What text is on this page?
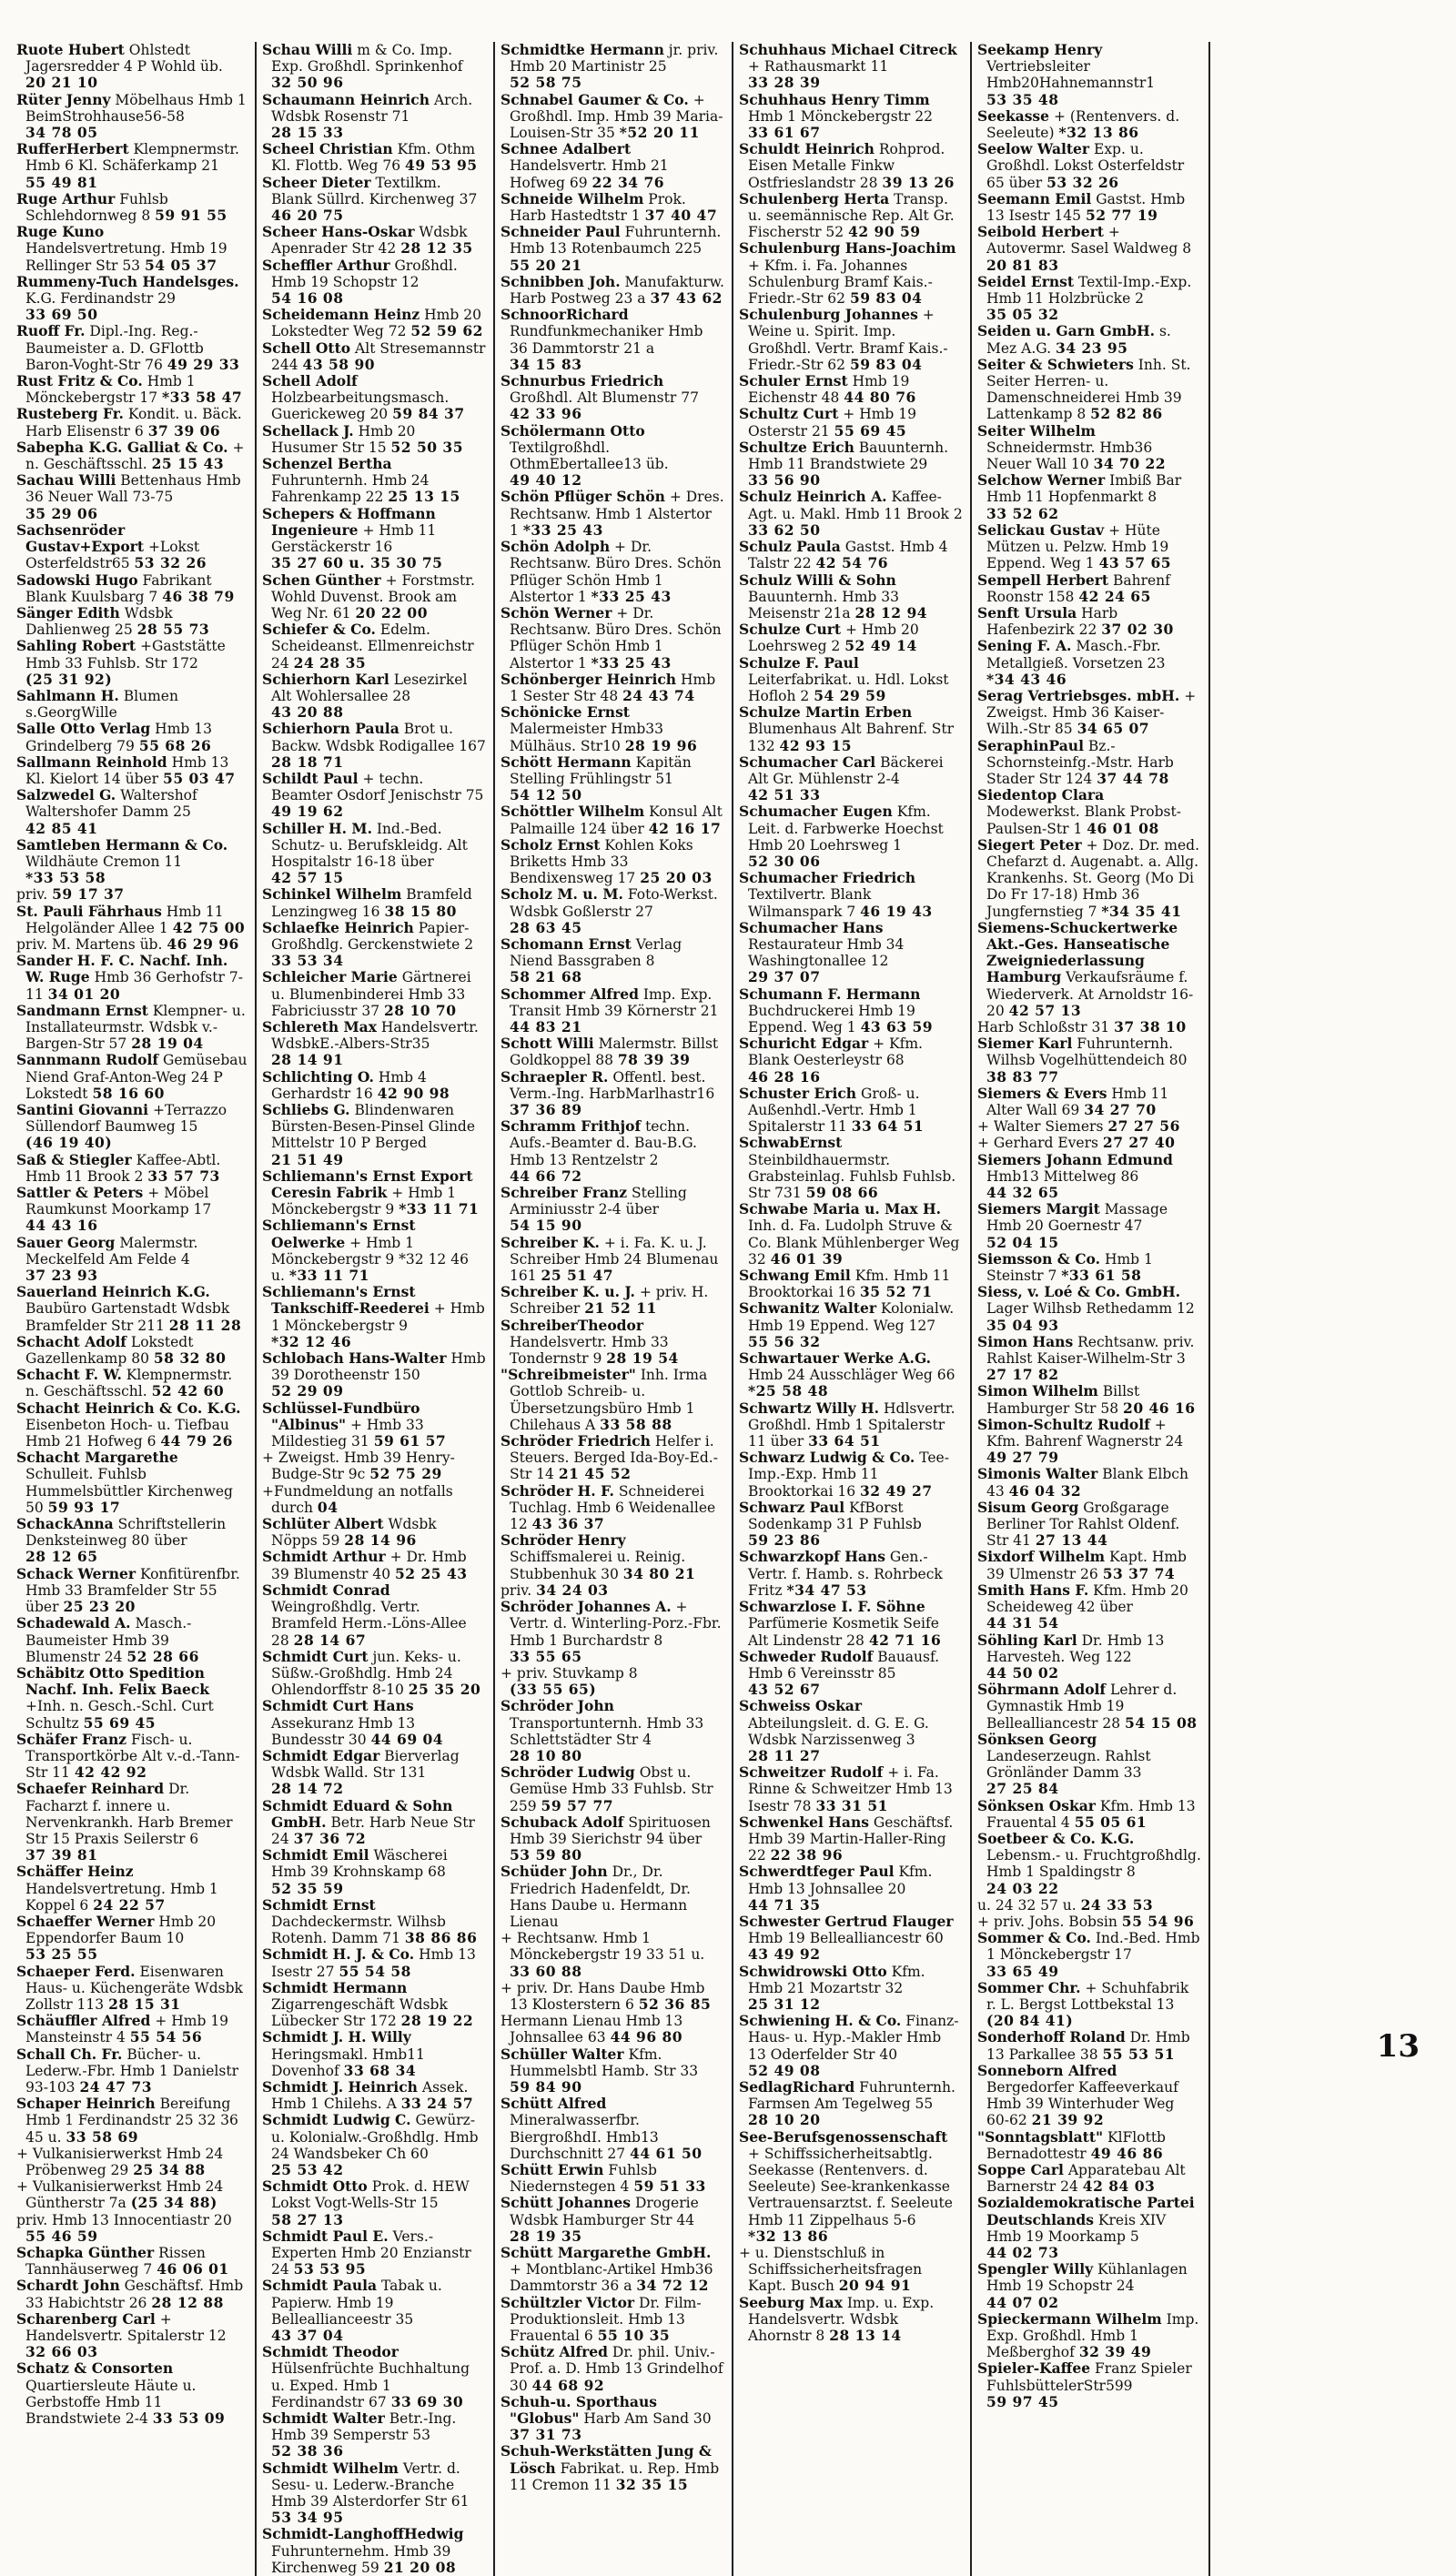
Ruote Hubert Ohlstedt Jagersredder 4 P Wohld üb. 20 21 10
Rüter Jenny Möbelhaus Hmb 1 BeimStrohhause56-58 34 78 05
RufferHerbert Klempnermstr. Hmb 6 Kl. Schäferkamp 21 55 49 81
Ruge Arthur Fuhlsb Schlehdornweg 8 59 91 55
Ruge Kuno Handelsvertretung. Hmb 19 Rellinger Str 53 54 05 37
Rummeny-Tuch Handelsges. K.G. Ferdinandstr 29 33 69 50
Ruoff Fr. Dipl.-Ing. Reg.-Baumeister a. D. GFlottb Baron-Voght-Str 76 49 29 33
Rust Fritz & Co. Hmb 1 Mönckebergstr 17 *33 58 47
Rusteberg Fr. Kondit. u. Bäck. Harb Elisenstr 6 37 39 06
Sabepha K.G. Galliat & Co. + n. Geschäftsschl. 25 15 43
Sachau Willi Bettenhaus Hmb 36 Neuer Wall 73-75 35 29 06
Sachsenröder Gustav+Export +Lokst Osterfeldstr65 53 32 26
Sadowski Hugo Fabrikant Blank Kuulsbarg 7 46 38 79
Sänger Edith Wdsbk Dahlienweg 25 28 55 73
Sahling Robert +Gaststätte Hmb 33 Fuhlsb. Str 172 (25 31 92)
Sahlmann H. Blumen s.GeorgWille
Salle Otto Verlag Hmb 13 Grindelberg 79 55 68 26
Sallmann Reinhold Hmb 13 Kl. Kielort 14 über 55 03 47
Salzwedel G. Waltershof Waltershofer Damm 25 42 85 41
Samtleben Hermann & Co. Wildhäute Cremon 11 *33 53 58
priv. 59 17 37
St. Pauli Fährhaus Hmb 11 Helgoländer Allee 1 42 75 00
priv. M. Martens üb. 46 29 96
Sander H. F. C. Nachf. Inh. W. Ruge Hmb 36 Gerhofstr 7-11 34 01 20
Sandmann Ernst Klempner- u. Installateurmstr. Wdsbk v.-Bargen-Str 57 28 19 04
Sannmann Rudolf Gemüsebau Niend Graf-Anton-Weg 24 P Lokstedt 58 16 60
Santini Giovanni +Terrazzo Süllendorf Baumweg 15 (46 19 40)
Saß & Stiegler Kaffee-Abtl. Hmb 11 Brook 2 33 57 73
Sattler & Peters + Möbel Raumkunst Moorkamp 17 44 43 16
Sauer Georg Malermstr. Meckelfeld Am Felde 4 37 23 93
Sauerland Heinrich K.G. Baubüro Gartenstadt Wdsbk Bramfelder Str 211 28 11 28
Schacht Adolf Lokstedt Gazellenkamp 80 58 32 80
Schacht F. W. Klempnermstr. n. Geschäftsschl. 52 42 60
Schacht Heinrich & Co. K.G. Eisenbeton Hoch- u. Tiefbau Hmb 21 Hofweg 6 44 79 26
Schacht Margarethe Schulleit. Fuhlsb Hummelsbüttler Kirchenweg 50 59 93 17
SchackAnna Schriftstellerin Denksteinweg 80 über 28 12 65
Schack Werner Konfitürenfbr. Hmb 33 Bramfelder Str 55 über 25 23 20
Schadewald A. Masch.-Baumeister Hmb 39 Blumenstr 24 52 28 66
Schäbitz Otto Spedition Nachf. Inh. Felix Baeck +Inh. n. Gesch.-Schl. Curt Schultz 55 69 45
Schäfer Franz Fisch- u. Transportkörbe Alt v.-d.-Tann-Str 11 42 42 92
Schaefer Reinhard Dr. Facharzt f. innere u. Nervenkrankh. Harb Bremer Str 15 Praxis Seilerstr 6 37 39 81
Schäffer Heinz Handelsvertretung. Hmb 1 Koppel 6 24 22 57
Schaeffer Werner Hmb 20 Eppendorfer Baum 10 53 25 55
Schaeper Ferd. Eisenwaren Haus- u. Küchengeräte Wdsbk Zollstr 113 28 15 31
Schäuffler Alfred + Hmb 19 Mansteinstr 4 55 54 56
Schall Ch. Fr. Bücher- u. Lederw.-Fbr. Hmb 1 Danielstr 93-103 24 47 73
Schaper Heinrich Bereifung Hmb 1 Ferdinandstr 25 32 36 45 u. 33 58 69
+ Vulkanisierwerkst Hmb 24 Pröbenweg 29 25 34 88
+ Vulkanisierwerkst Hmb 24 Güntherstr 7a (25 34 88)
priv. Hmb 13 Innocentiastr 20 55 46 59
Schapka Günther Rissen Tannhäuserweg 7 46 06 01
Schardt John Geschäftsf. Hmb 33 Habichtstr 26 28 12 88
Scharenberg Carl + Handelsvertr. Spitalerstr 12 32 66 03
Schatz & Consorten Quartiersleute Häute u. Gerbstoffe Hmb 11 Brandstwiete 2-4 33 53 09
Schau Willi m & Co. Imp. Exp. Großhdl. Sprinkenhof 32 50 96
Schaumann Heinrich Arch. Wdsbk Rosenstr 71 28 15 33
Scheel Christian Kfm. Othm Kl. Flottb. Weg 76 49 53 95
Scheer Dieter Textilkm. Blank Süllrd. Kirchenweg 37 46 20 75
Scheer Hans-Oskar Wdsbk Apenrader Str 42 28 12 35
Scheffler Arthur Großhdl. Hmb 19 Schopstr 12 54 16 08
Scheidemann Heinz Hmb 20 Lokstedter Weg 72 52 59 62
Schell Otto Alt Stresemannstr 244 43 58 90
Schell Adolf Holzbearbeitungsmasch. Guerickeweg 20 59 84 37
Schellack J. Hmb 20 Husumer Str 15 52 50 35
Schenzel Bertha Fuhrunternh. Hmb 24 Fahrenkamp 22 25 13 15
Schepers & Hoffmann Ingenieure + Hmb 11 Gerstäckerstr 16 35 27 60 u. 35 30 75
Schen Günther + Forstmstr. Wohld Duvenst. Brook am Weg Nr. 61 20 22 00
Schiefer & Co. Edelm. Scheideanst. Ellmenreichstr 24 24 28 35
Schierhorn Karl Lesezirkel Alt Wohlersallee 28 43 20 88
Schierhorn Paula Brot u. Backw. Wdsbk Rodigallee 167 28 18 71
Schildt Paul + techn. Beamter Osdorf Jenischstr 75 49 19 62
Schiller H. M. Ind.-Bed. Schutz- u. Berufskleidg. Alt Hospitalstr 16-18 über 42 57 15
Schinkel Wilhelm Bramfeld Lenzingweg 16 38 15 80
Schlaefke Heinrich Papier-Großhdlg. Gerckenstwiete 2 33 53 34
Schleicher Marie Gärtnerei u. Blumenbinderei Hmb 33 Fabriciusstr 37 28 10 70
Schlereth Max Handelsvertr. WdsbkE.-Albers-Str35 28 14 91
Schlichting O. Hmb 4 Gerhardstr 16 42 90 98
Schliebs G. Blindenwaren Bürsten-Besen-Pinsel Glinde Mittelstr 10 P Berged 21 51 49
Schliemann's Ernst Export Ceresin Fabrik + Hmb 1 Mönckebergstr 9 *33 11 71
Schliemann's Ernst Oelwerke + Hmb 1 Mönckebergstr 9 *32 12 46 u. *33 11 71
Schliemann's Ernst Tankschiff-Reederei + Hmb 1 Mönckebergstr 9 *32 12 46
Schlobach Hans-Walter Hmb 39 Dorotheenstr 150 52 29 09
Schlüssel-Fundbüro "Albinus" + Hmb 33 Mildestieg 31 59 61 57
+ Zweigst. Hmb 39 Henry-Budge-Str 9c 52 75 29
+Fundmeldung an notfalls durch 04
Schlüter Albert Wdsbk Nöpps 59 28 14 96
Schmidt Arthur + Dr. Hmb 39 Blumenstr 40 52 25 43
Schmidt Conrad Weingroßhdlg. Vertr. Bramfeld Herm.-Löns-Allee 28 28 14 67
Schmidt Curt jun. Keks- u. Süßw.-Großhdlg. Hmb 24 Ohlendorffstr 8-10 25 35 20
Schmidt Curt Hans Assekuranz Hmb 13 Bundesstr 30 44 69 04
Schmidt Edgar Bierverlag Wdsbk Walld. Str 131 28 14 72
Schmidt Eduard & Sohn GmbH. Betr. Harb Neue Str 24 37 36 72
Schmidt Emil Wäscherei Hmb 39 Krohnskamp 68 52 35 59
Schmidt Ernst Dachdeckermstr. Wilhsb Rotenh. Damm 71 38 86 86
Schmidt H. J. & Co. Hmb 13 Isestr 27 55 54 58
Schmidt Hermann Zigarrengeschäft Wdsbk Lübecker Str 172 28 19 22
Schmidt J. H. Willy Heringsmakl. Hmb11 Dovenhof 33 68 34
Schmidt J. Heinrich Assek. Hmb 1 Chilehs. A 33 24 57
Schmidt Ludwig C. Gewürz- u. Kolonialw.-Großhdlg. Hmb 24 Wandsbeker Ch 60 25 53 42
Schmidt Otto Prok. d. HEW Lokst Vogt-Wells-Str 15 58 27 13
Schmidt Paul E. Vers.-Experten Hmb 20 Enzianstr 24 53 53 95
Schmidt Paula Tabak u. Papierw. Hmb 19 Belleallianceestr 35 43 37 04
Schmidt Theodor Hülsenfrüchte Buchhaltung u. Exped. Hmb 1 Ferdinandstr 67 33 69 30
Schmidt Walter Betr.-Ing. Hmb 39 Semperstr 53 52 38 36
Schmidt Wilhelm Vertr. d. Sesu- u. Lederw.-Branche Hmb 39 Alsterdorfer Str 61 53 34 95
Schmidt-LanghoffHedwig Fuhrunternehm. Hmb 39 Kirchenweg 59 21 20 08
Schmidtke Hermann jr. priv. Hmb 20 Martinistr 25 52 58 75
Schnabel Gaumer & Co. + Großhdl. Imp. Hmb 39 Maria-Louisen-Str 35 *52 20 11
Schnee Adalbert Handelsvertr. Hmb 21 Hofweg 69 22 34 76
Schneide Wilhelm Prok. Harb Hastedtstr 1 37 40 47
Schneider Paul Fuhrunternh. Hmb 13 Rotenbaumch 225 55 20 21
Schnibben Joh. Manufakturw. Harb Postweg 23 a 37 43 62
SchnoorRichard Rundfunkmechaniker Hmb 36 Dammtorstr 21 a 34 15 83
Schnurbus Friedrich Großhdl. Alt Blumenstr 77 42 33 96
Schölermann Otto Textilgroßhdl. OthmEbertallee13 üb. 49 40 12
Schön Pflüger Schön + Dres. Rechtsanw. Hmb 1 Alstertor 1 *33 25 43
Schön Adolph + Dr. Rechtsanw. Büro Dres. Schön Pflüger Schön Hmb 1 Alstertor 1 *33 25 43
Schön Werner + Dr. Rechtsanw. Büro Dres. Schön Pflüger Schön Hmb 1 Alstertor 1 *33 25 43
Schönberger Heinrich Hmb 1 Sester Str 48 24 43 74
Schönicke Ernst Malermeister Hmb33 Mülhäus. Str10 28 19 96
Schött Hermann Kapitän Stelling Frühlingstr 51 54 12 50
Schöttler Wilhelm Konsul Alt Palmaille 124 über 42 16 17
Scholz Ernst Kohlen Koks Briketts Hmb 33 Bendixensweg 17 25 20 03
Scholz M. u. M. Foto-Werkst. Wdsbk Goßlerstr 27 28 63 45
Schomann Ernst Verlag Niend Bassgraben 8 58 21 68
Schommer Alfred Imp. Exp. Transit Hmb 39 Körnerstr 21 44 83 21
Schott Willi Malermstr. Billst Goldkoppel 88 78 39 39
Schraepler R. Offentl. best. Verm.-Ing. HarbMarlhastr16 37 36 89
Schramm Frithjof techn. Aufs.-Beamter d. Bau-B.G. Hmb 13 Rentzelstr 2 44 66 72
Schreiber Franz Stelling Arminiusstr 2-4 über 54 15 90
Schreiber K. + i. Fa. K. u. J. Schreiber Hmb 24 Blumenau 161 25 51 47
Schreiber K. u. J. + priv. H. Schreiber 21 52 11
SchreiberTheodor Handelsvertr. Hmb 33 Tondernstr 9 28 19 54
"Schreibmeister" Inh. Irma Gottlob Schreib- u. Übersetzungsbüro Hmb 1 Chilehaus A 33 58 88
Schröder Friedrich Helfer i. Steuers. Berged Ida-Boy-Ed.-Str 14 21 45 52
Schröder H. F. Schneiderei Tuchlag. Hmb 6 Weidenallee 12 43 36 37
Schröder Henry Schiffsmalerei u. Reinig. Stubbenhuk 30 34 80 21
priv. 34 24 03
Schröder Johannes A. + Vertr. d. Winterling-Porz.-Fbr. Hmb 1 Burchardstr 8 33 55 65
+ priv. Stuvkamp 8 (33 55 65)
Schröder John Transportunternh. Hmb 33 Schlettstädter Str 4 28 10 80
Schröder Ludwig Obst u. Gemüse Hmb 33 Fuhlsb. Str 259 59 57 77
Schuback Adolf Spirituosen Hmb 39 Sierichstr 94 über 53 59 80
Schüder John Dr., Dr. Friedrich Hadenfeldt, Dr. Hans Daube u. Hermann Lienau
+ Rechtsanw. Hmb 1 Mönckebergstr 19 33 51 u. 33 60 88
+ priv. Dr. Hans Daube Hmb 13 Klosterstern 6 52 36 85
Hermann Lienau Hmb 13 Johnsallee 63 44 96 80
Schüller Walter Kfm. Hummelsbtl Hamb. Str 33 59 84 90
Schütt Alfred Mineralwasserfbr. BiergroßhdI. Hmb13 Durchschnitt 27 44 61 50
Schütt Erwin Fuhlsb Niedernstegen 4 59 51 33
Schütt Johannes Drogerie Wdsbk Hamburger Str 44 28 19 35
Schütt Margarethe GmbH. + Montblanc-Artikel Hmb36 Dammtorstr 36 a 34 72 12
Schültzler Victor Dr. Film-Produktionsleit. Hmb 13 Frauental 6 55 10 35
Schütz Alfred Dr. phil. Univ.-Prof. a. D. Hmb 13 Grindelhof 30 44 68 92
Schuh-u. Sporthaus "Globus" Harb Am Sand 30 37 31 73
Schuh-Werkstätten Jung & Lösch Fabrikat. u. Rep. Hmb 11 Cremon 11 32 35 15
Schuhhaus Michael Citreck + Rathausmarkt 11 33 28 39
Schuhhaus Henry Timm Hmb 1 Mönckebergstr 22 33 61 67
Schuldt Heinrich Rohprod. Eisen Metalle Finkw Ostfrieslandstr 28 39 13 26
Schulenberg Herta Transp. u. seemännische Rep. Alt Gr. Fischerstr 52 42 90 59
Schulenburg Hans-Joachim + Kfm. i. Fa. Johannes Schulenburg Bramf Kais.-Friedr.-Str 62 59 83 04
Schulenburg Johannes + Weine u. Spirit. Imp. Großhdl. Vertr. Bramf Kais.-Friedr.-Str 62 59 83 04
Schuler Ernst Hmb 19 Eichenstr 48 44 80 76
Schultz Curt + Hmb 19 Osterstr 21 55 69 45
Schultze Erich Bauunternh. Hmb 11 Brandstwiete 29 33 56 90
Schulz Heinrich A. Kaffee-Agt. u. Makl. Hmb 11 Brook 2 33 62 50
Schulz Paula Gastst. Hmb 4 Talstr 22 42 54 76
Schulz Willi & Sohn Bauunternh. Hmb 33 Meisenstr 21a 28 12 94
Schulze Curt + Hmb 20 Loehrsweg 2 52 49 14
Schulze F. Paul Leiterfabrikat. u. Hdl. Lokst Hofloh 2 54 29 59
Schulze Martin Erben Blumenhaus Alt Bahrenf. Str 132 42 93 15
Schumacher Carl Bäckerei Alt Gr. Mühlenstr 2-4 42 51 33
Schumacher Eugen Kfm. Leit. d. Farbwerke Hoechst Hmb 20 Loehrsweg 1 52 30 06
Schumacher Friedrich Textilvertr. Blank Wilmanspark 7 46 19 43
Schumacher Hans Restaurateur Hmb 34 Washingtonallee 12 29 37 07
Schumann F. Hermann Buchdruckerei Hmb 19 Eppend. Weg 1 43 63 59
Schuricht Edgar + Kfm. Blank Oesterleystr 68 46 28 16
Schuster Erich Groß- u. Außenhdl.-Vertr. Hmb 1 Spitalerstr 11 33 64 51
SchwabErnst Steinbildhauermstr. Grabsteinlag. Fuhlsb Fuhlsb. Str 731 59 08 66
Schwabe Maria u. Max H. Inh. d. Fa. Ludolph Struve & Co. Blank Mühlenberger Weg 32 46 01 39
Schwang Emil Kfm. Hmb 11 Brooktorkai 16 35 52 71
Schwanitz Walter Kolonialw. Hmb 19 Eppend. Weg 127 55 56 32
Schwartauer Werke A.G. Hmb 24 Ausschläger Weg 66 *25 58 48
Schwartz Willy H. Hdlsvertr. Großhdl. Hmb 1 Spitalerstr 11 über 33 64 51
Schwarz Ludwig & Co. Tee-Imp.-Exp. Hmb 11 Brooktorkai 16 32 49 27
Schwarz Paul KfBorst Sodenkamp 31 P Fuhlsb 59 23 86
Schwarzkopf Hans Gen.-Vertr. f. Hamb. s. Rohrbeck Fritz *34 47 53
Schwarzlose I. F. Söhne Parfümerie Kosmetik Seife Alt Lindenstr 28 42 71 16
Schweder Rudolf Bauausf. Hmb 6 Vereinsstr 85 43 52 67
Schweiss Oskar Abteilungsleit. d. G. E. G. Wdsbk Narzissenweg 3 28 11 27
Schweitzer Rudolf + i. Fa. Rinne & Schweitzer Hmb 13 Isestr 78 33 31 51
Schwenkel Hans Geschäftsf. Hmb 39 Martin-Haller-Ring 22 22 38 96
Schwerdtfeger Paul Kfm. Hmb 13 Johnsallee 20 44 71 35
Schwester Gertrud Flauger Hmb 19 Bellealliancestr 60 43 49 92
Schwidrowski Otto Kfm. Hmb 21 Mozartstr 32 25 31 12
Schwiening H. & Co. Finanz-Haus- u. Hyp.-Makler Hmb 13 Oderfelder Str 40 52 49 08
SedlagRichard Fuhrunternh. Farmsen Am Tegelweg 55 28 10 20
See-Berufsgenossenschaft + Schiffssicherheitsabtlg. Seekasse (Rentenvers. d. Seeleute) See-krankenkasse Vertrauensarztst. f. Seeleute Hmb 11 Zippelhaus 5-6 *32 13 86
+ u. Dienstschluß in Schiffssicherheitsfragen Kapt. Busch 20 94 91
Seeburg Max Imp. u. Exp. Handelsvertr. Wdsbk Ahornstr 8 28 13 14
Seekamp Henry Vertriebsleiter Hmb20Hahnemannstr1 53 35 48
Seekasse + (Rentenvers. d. Seeleute) *32 13 86
Seelow Walter Exp. u. Großhdl. Lokst Osterfeldstr 65 über 53 32 26
Seemann Emil Gastst. Hmb 13 Isestr 145 52 77 19
Seibold Herbert + Autovermr. Sasel Waldweg 8 20 81 83
Seidel Ernst Textil-Imp.-Exp. Hmb 11 Holzbrücke 2 35 05 32
Seiden u. Garn GmbH. s. Mez A.G. 34 23 95
Seiter & Schwieters Inh. St. Seiter Herren- u. Damenschneiderei Hmb 39 Lattenkamp 8 52 82 86
Seiter Wilhelm Schneidermstr. Hmb36 Neuer Wall 10 34 70 22
Selchow Werner Imbiß Bar Hmb 11 Hopfenmarkt 8 33 52 62
Selickau Gustav + Hüte Mützen u. Pelzw. Hmb 19 Eppend. Weg 1 43 57 65
Sempell Herbert Bahrenf Roonstr 158 42 24 65
Senft Ursula Harb Hafenbezirk 22 37 02 30
Sening F. A. Masch.-Fbr. Metallgieß. Vorsetzen 23 *34 43 46
Serag Vertriebsges. mbH. + Zweigst. Hmb 36 Kaiser-Wilh.-Str 85 34 65 07
SeraphinPaul Bz.-Schornsteinfg.-Mstr. Harb Stader Str 124 37 44 78
Siedentop Clara Modewerkst. Blank Probst-Paulsen-Str 1 46 01 08
Siegert Peter + Doz. Dr. med. Chefarzt d. Augenabt. a. Allg. Krankenhs. St. Georg (Mo Di Do Fr 17-18) Hmb 36 Jungfernstieg 7 *34 35 41
Siemens-Schuckertwerke Akt.-Ges. Hanseatische Zweigniederlassung Hamburg Verkaufsräume f. Wiederverk. At Arnoldstr 16-20 42 57 13
Harb Schloßstr 31 37 38 10
Siemer Karl Fuhrunternh. Wilhsb Vogelhüttendeich 80 38 83 77
Siemers & Evers Hmb 11 Alter Wall 69 34 27 70
+ Walter Siemers 27 27 56
+ Gerhard Evers 27 27 40
Siemers Johann Edmund Hmb13 Mittelweg 86 44 32 65
Siemers Margit Massage Hmb 20 Goernestr 47 52 04 15
Siemsson & Co. Hmb 1 Steinstr 7 *33 61 58
Siess, v. Loé & Co. GmbH. Lager Wilhsb Rethedamm 12 35 04 93
Simon Hans Rechtsanw. priv. Rahlst Kaiser-Wilhelm-Str 3 27 17 82
Simon Wilhelm Billst Hamburger Str 58 20 46 16
Simon-Schultz Rudolf + Kfm. Bahrenf Wagnerstr 24 49 27 79
Simonis Walter Blank Elbch 43 46 04 32
Sisum Georg Großgarage Berliner Tor Rahlst Oldenf. Str 41 27 13 44
Sixdorf Wilhelm Kapt. Hmb 39 Ulmenstr 26 53 37 74
Smith Hans F. Kfm. Hmb 20 Scheideweg 42 über 44 31 54
Söhling Karl Dr. Hmb 13 Harvesteh. Weg 122 44 50 02
Söhrmann Adolf Lehrer d. Gymnastik Hmb 19 Bellealliancestr 28 54 15 08
Sönksen Georg Landeserzeugn. Rahlst Grönländer Damm 33 27 25 84
Sönksen Oskar Kfm. Hmb 13 Frauental 4 55 05 61
Soetbeer & Co. K.G. Lebensm.- u. Fruchtgroßhdlg. Hmb 1 Spaldingstr 8 24 03 22
u. 24 32 57 u. 24 33 53
+ priv. Johs. Bobsin 55 54 96
Sommer & Co. Ind.-Bed. Hmb 1 Mönckebergstr 17 33 65 49
Sommer Chr. + Schuhfabrik r. L. Bergst Lottbekstal 13 (20 84 41)
Sonderhoff Roland Dr. Hmb 13 Parkallee 38 55 53 51
Sonneborn Alfred Bergedorfer Kaffeeverkauf Hmb 39 Winterhuder Weg 60-62 21 39 92
"Sonntagsblatt" KlFlottb Bernadottestr 49 46 86
Soppe Carl Apparatebau Alt Barnerstr 24 42 84 03
Sozialdemokratische Partei Deutschlands Kreis XIV Hmb 19 Moorkamp 5 44 02 73
Spengler Willy Kühlanlagen Hmb 19 Schopstr 24 44 07 02
Spieckermann Wilhelm Imp. Exp. Großhdl. Hmb 1 Meßberghof 32 39 49
Spieler-Kaffee Franz Spieler FuhlsbüttelerStr599 59 97 45
13
